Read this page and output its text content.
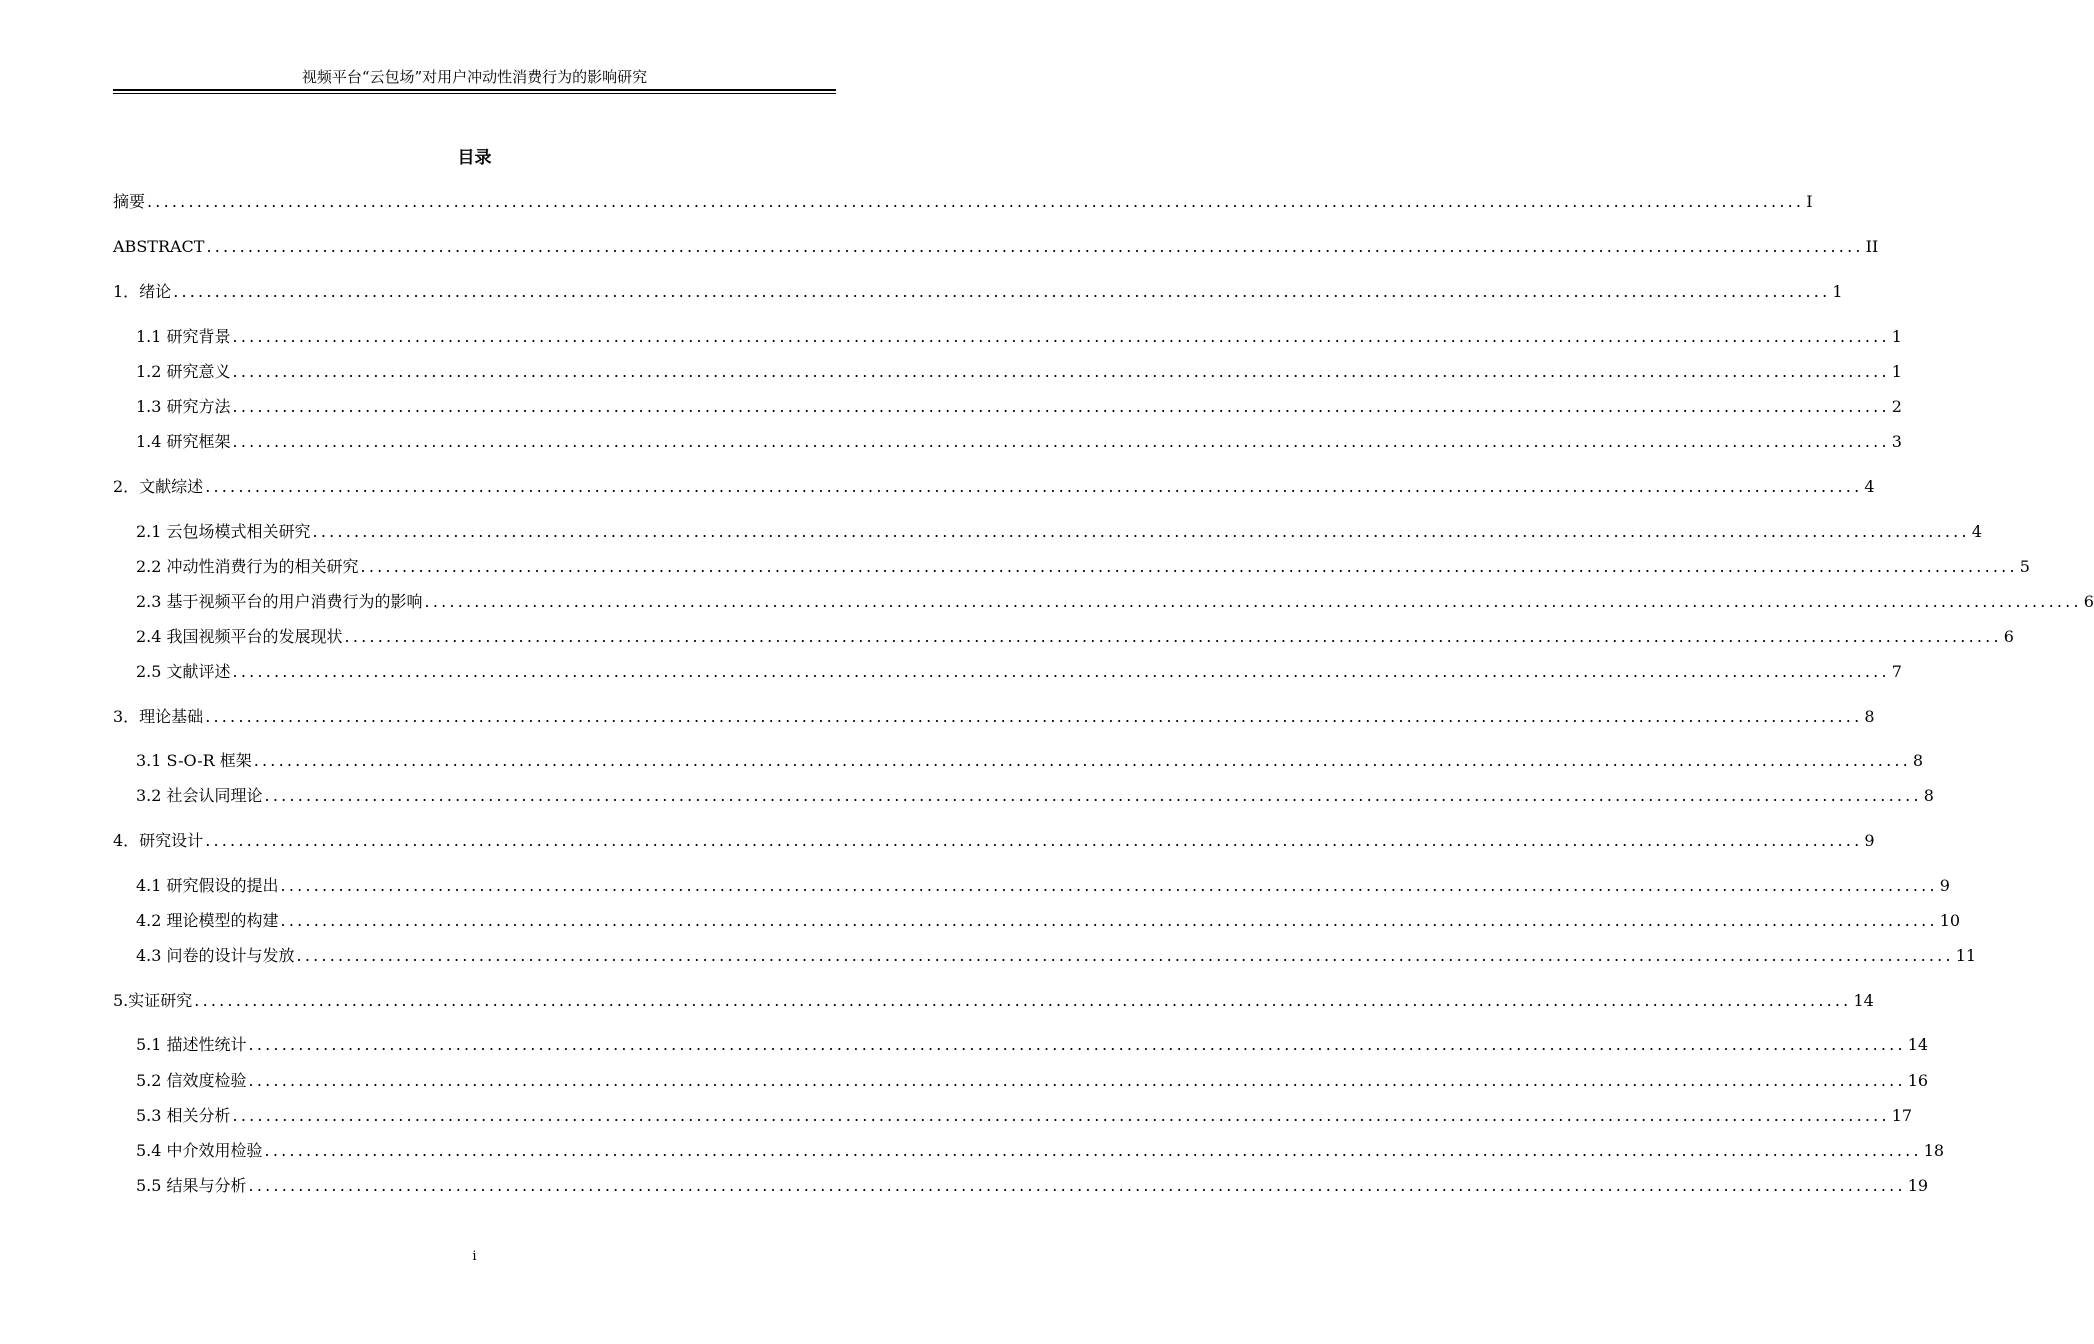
视频平台“云包场”对用户冲动性消费行为的影响研究
目录
摘要 ........................................................................................................................................................................................................ I
ABSTRACT ........................................................................................................................................................................................................ II
1．绪论 ........................................................................................................................................................................................................ 1
1.1 研究背景 ........................................................................................................................................................................................................ 1
1.2 研究意义 ........................................................................................................................................................................................................ 1
1.3 研究方法 ........................................................................................................................................................................................................ 2
1.4 研究框架 ........................................................................................................................................................................................................ 3
2．文献综述 ........................................................................................................................................................................................................ 4
2.1 云包场模式相关研究 ........................................................................................................................................................................................................ 4
2.2 冲动性消费行为的相关研究 ........................................................................................................................................................................................................ 5
2.3 基于视频平台的用户消费行为的影响 ........................................................................................................................................................................................................ 6
2.4 我国视频平台的发展现状 ........................................................................................................................................................................................................ 6
2.5 文献评述 ........................................................................................................................................................................................................ 7
3．理论基础 ........................................................................................................................................................................................................ 8
3.1 S-O-R 框架 ........................................................................................................................................................................................................ 8
3.2 社会认同理论 ........................................................................................................................................................................................................ 8
4．研究设计 ........................................................................................................................................................................................................ 9
4.1 研究假设的提出 ........................................................................................................................................................................................................ 9
4.2 理论模型的构建 ........................................................................................................................................................................................................ 10
4.3 问卷的设计与发放 ........................................................................................................................................................................................................ 11
5.实证研究 ........................................................................................................................................................................................................ 14
5.1 描述性统计 ........................................................................................................................................................................................................ 14
5.2 信效度检验 ........................................................................................................................................................................................................ 16
5.3 相关分析 ........................................................................................................................................................................................................ 17
5.4 中介效用检验 ........................................................................................................................................................................................................ 18
5.5 结果与分析 ........................................................................................................................................................................................................ 19
i
